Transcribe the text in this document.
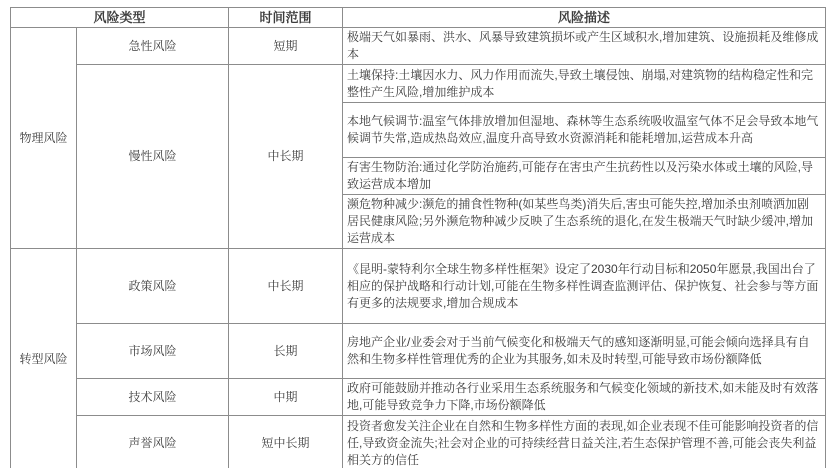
风险类型		时间范围	风险描述
物理风险	急性风险	短期	极端天气如暴雨、洪水、风暴导致建筑损坏或产生区域积水,增加建筑、设施损耗及维修成本
	慢性风险	中长期	土壤保持:土壤因水力、风力作用而流失,导致土壤侵蚀、崩塌,对建筑物的结构稳定性和完整性产生风险,增加维护成本
			本地气候调节:温室气体排放增加但湿地、森林等生态系统吸收温室气体不足会导致本地气候调节失常,造成热岛效应,温度升高导致水资源消耗和能耗增加,运营成本升高
			有害生物防治:通过化学防治施药,可能存在害虫产生抗药性以及污染水体或土壤的风险,导致运营成本增加
			濒危物种减少:濒危的捕食性物种(如某些鸟类)消失后,害虫可能失控,增加杀虫剂喷洒加剧居民健康风险;另外濒危物种减少反映了生态系统的退化,在发生极端天气时缺少缓冲,增加运营成本
转型风险	政策风险	中长期	《昆明-蒙特利尔全球生物多样性框架》设定了2030年行动目标和2050年愿景,我国出台了相应的保护战略和行动计划,可能在生物多样性调查监测评估、保护恢复、社会参与等方面有更多的法规要求,增加合规成本
	市场风险	长期	房地产企业/业委会对于当前气候变化和极端天气的感知逐渐明显,可能会倾向选择具有自然和生物多样性管理优秀的企业为其服务,如未及时转型,可能导致市场份额降低
	技术风险	中期	政府可能鼓励并推动各行业采用生态系统服务和气候变化领域的新技术,如未能及时有效落地,可能导致竞争力下降,市场份额降低
	声誉风险	短中长期	投资者愈发关注企业在自然和生物多样性方面的表现,如企业表现不佳可能影响投资者的信任,导致资金流失;社会对企业的可持续经营日益关注,若生态保护管理不善,可能会丧失利益相关方的信任
